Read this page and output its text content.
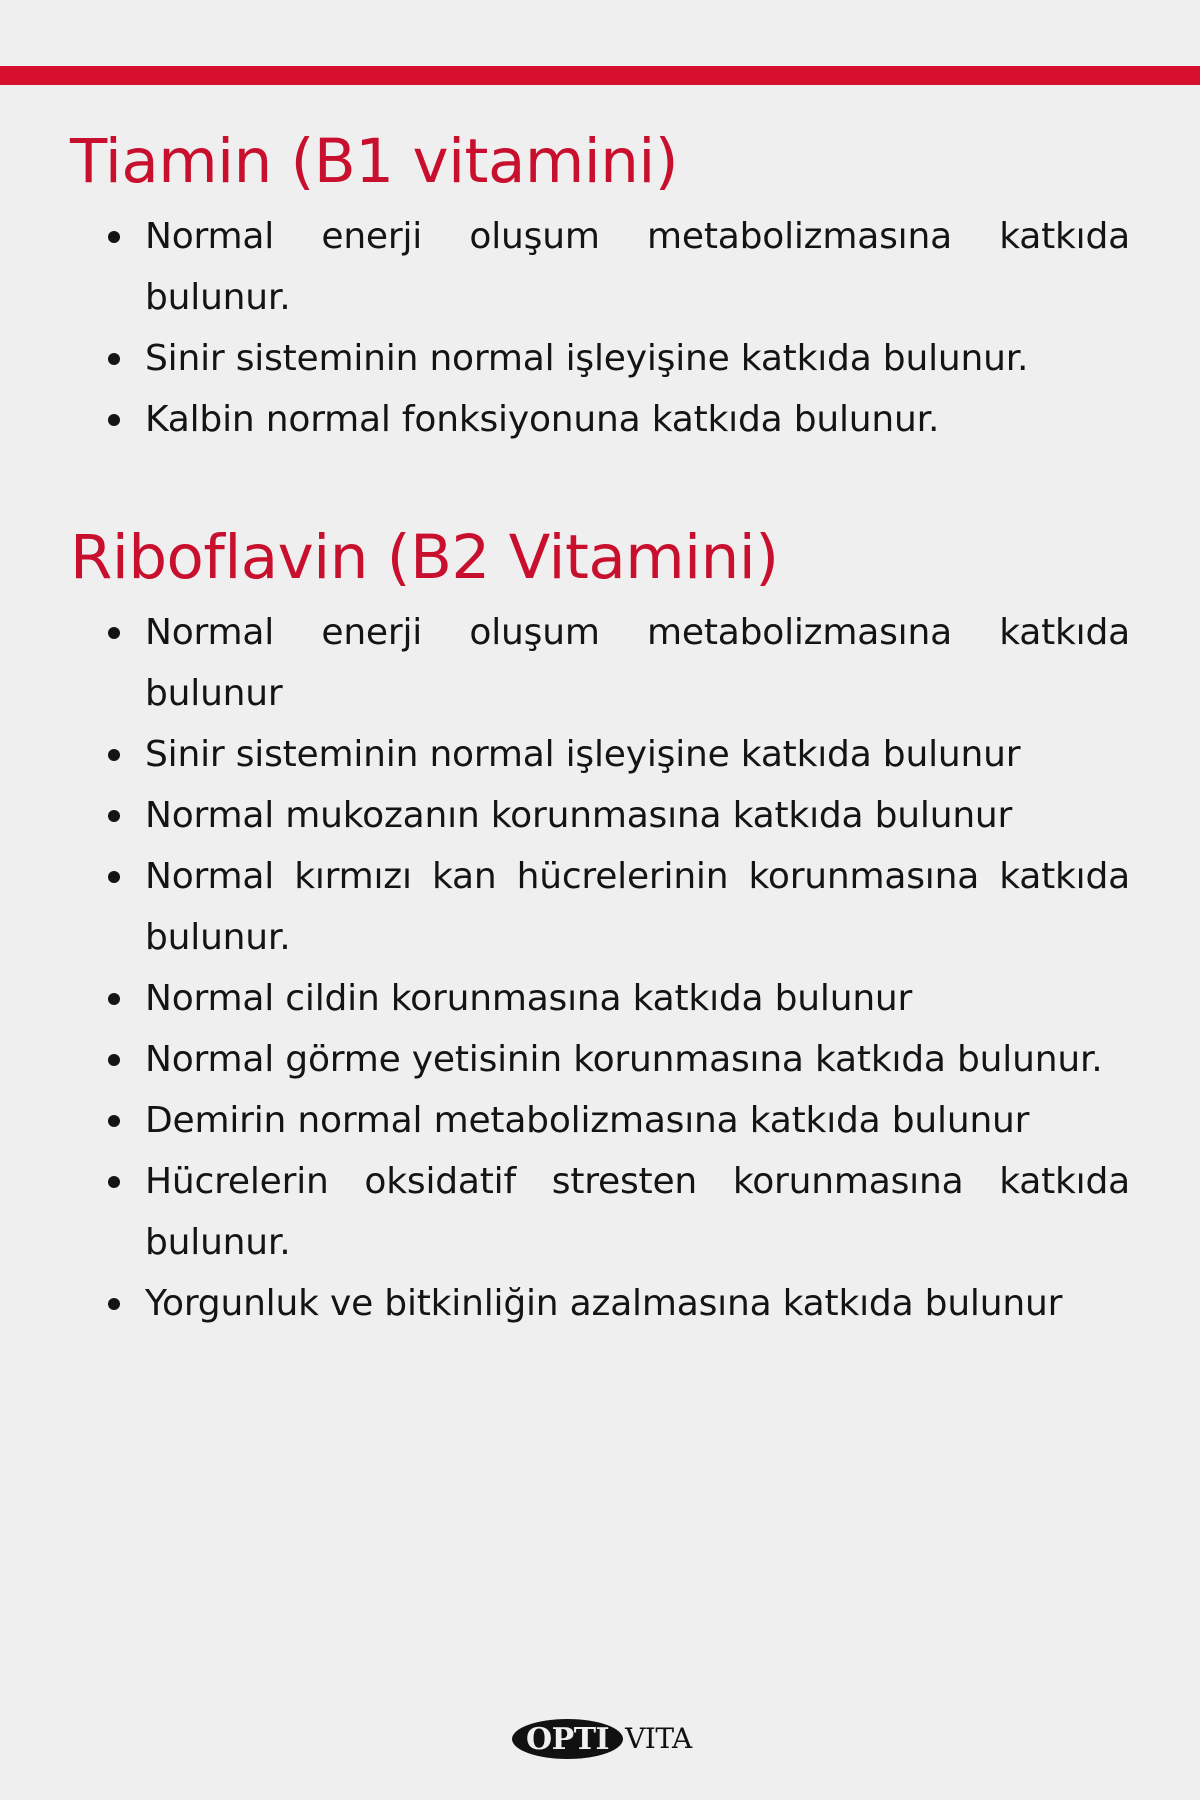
Tiamin (B1 vitamini)
Normal enerji oluşum metabolizmasına katkıda bulunur.
Sinir sisteminin normal işleyişine katkıda bulunur.
Kalbin normal fonksiyonuna katkıda bulunur.
Riboflavin (B2 Vitamini)
Normal enerji oluşum metabolizmasına katkıda bulunur
Sinir sisteminin normal işleyişine katkıda bulunur
Normal mukozanın korunmasına katkıda bulunur
Normal kırmızı kan hücrelerinin korunmasına katkıda bulunur.
Normal cildin korunmasına katkıda bulunur
Normal görme yetisinin korunmasına katkıda bulunur.
Demirin normal metabolizmasına katkıda bulunur
Hücrelerin oksidatif stresten korunmasına katkıda bulunur.
Yorgunluk ve bitkinliğin azalmasına katkıda bulunur
OPTI VITA
